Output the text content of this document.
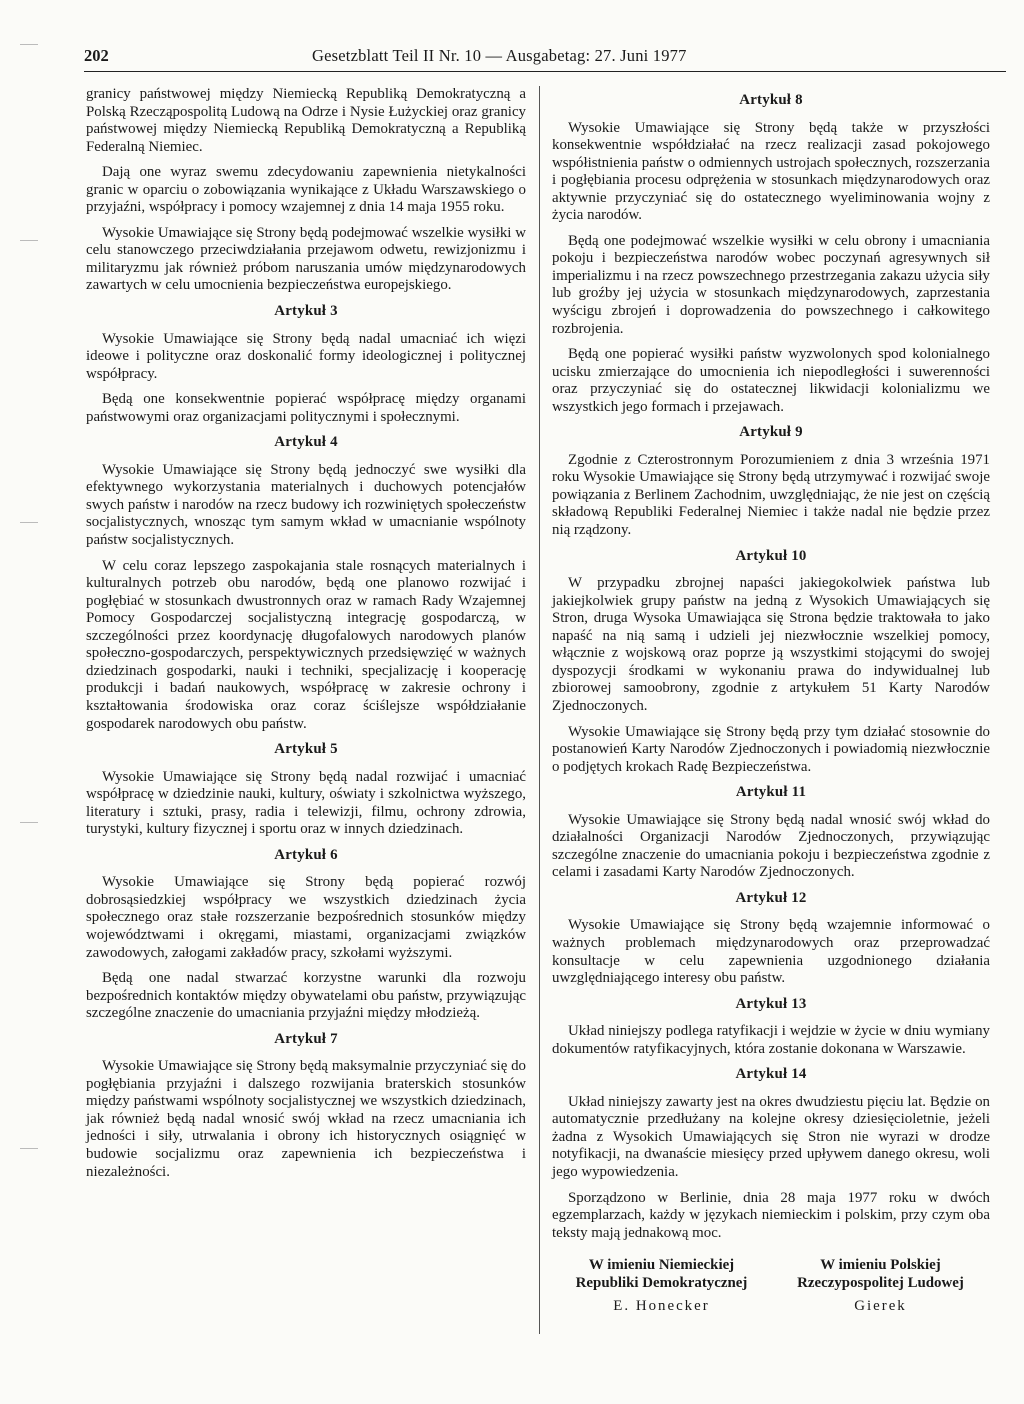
202	Gesetzblatt Teil II Nr. 10 — Ausgabetag: 27. Juni 1977

granicy państwowej między Niemiecką Republiką Demokratyczną a Polską Rzecząpospolitą Ludową na Odrze i Nysie Łużyckiej oraz granicy państwowej między Niemiecką Republiką Demokratyczną a Republiką Federalną Niemiec.

Dają one wyraz swemu zdecydowaniu zapewnienia nietykalności granic w oparciu o zobowiązania wynikające z Układu Warszawskiego o przyjaźni, współpracy i pomocy wzajemnej z dnia 14 maja 1955 roku.

Wysokie Umawiające się Strony będą podejmować wszelkie wysiłki w celu stanowczego przeciwdziałania przejawom odwetu, rewizjonizmu i militaryzmu jak również próbom naruszania umów międzynarodowych zawartych w celu umocnienia bezpieczeństwa europejskiego.

Artykuł 3

Wysokie Umawiające się Strony będą nadal umacniać ich więzi ideowe i polityczne oraz doskonalić formy ideologicznej i politycznej współpracy.

Będą one konsekwentnie popierać współpracę między organami państwowymi oraz organizacjami politycznymi i społecznymi.

Artykuł 4

Wysokie Umawiające się Strony będą jednoczyć swe wysiłki dla efektywnego wykorzystania materialnych i duchowych potencjałów swych państw i narodów na rzecz budowy ich rozwiniętych społeczeństw socjalistycznych, wnosząc tym samym wkład w umacnianie wspólnoty państw socjalistycznych.

W celu coraz lepszego zaspokajania stale rosnących materialnych i kulturalnych potrzeb obu narodów, będą one planowo rozwijać i pogłębiać w stosunkach dwustronnych oraz w ramach Rady Wzajemnej Pomocy Gospodarczej socjalistyczną integrację gospodarczą, w szczególności przez koordynację długofalowych narodowych planów społeczno-gospodarczych, perspektywicznych przedsięwzięć w ważnych dziedzinach gospodarki, nauki i techniki, specjalizację i kooperację produkcji i badań naukowych, współpracę w zakresie ochrony i kształtowania środowiska oraz coraz ściślejsze współdziałanie gospodarek narodowych obu państw.

Artykuł 5

Wysokie Umawiające się Strony będą nadal rozwijać i umacniać współpracę w dziedzinie nauki, kultury, oświaty i szkolnictwa wyższego, literatury i sztuki, prasy, radia i telewizji, filmu, ochrony zdrowia, turystyki, kultury fizycznej i sportu oraz w innych dziedzinach.

Artykuł 6

Wysokie Umawiające się Strony będą popierać rozwój dobrosąsiedzkiej współpracy we wszystkich dziedzinach życia społecznego oraz stałe rozszerzanie bezpośrednich stosunków między województwami i okręgami, miastami, organizacjami związków zawodowych, załogami zakładów pracy, szkołami wyższymi.

Będą one nadal stwarzać korzystne warunki dla rozwoju bezpośrednich kontaktów między obywatelami obu państw, przywiązując szczególne znaczenie do umacniania przyjaźni między młodzieżą.

Artykuł 7

Wysokie Umawiające się Strony będą maksymalnie przyczyniać się do pogłębiania przyjaźni i dalszego rozwijania braterskich stosunków między państwami wspólnoty socjalistycznej we wszystkich dziedzinach, jak również będą nadal wnosić swój wkład na rzecz umacniania ich jedności i siły, utrwalania i obrony ich historycznych osiągnięć w budowie socjalizmu oraz zapewnienia ich bezpieczeństwa i niezależności.

Artykuł 8

Wysokie Umawiające się Strony będą także w przyszłości konsekwentnie współdziałać na rzecz realizacji zasad pokojowego współistnienia państw o odmiennych ustrojach społecznych, rozszerzania i pogłębiania procesu odprężenia w stosunkach międzynarodowych oraz aktywnie przyczyniać się do ostatecznego wyeliminowania wojny z życia narodów.

Będą one podejmować wszelkie wysiłki w celu obrony i umacniania pokoju i bezpieczeństwa narodów wobec poczynań agresywnych sił imperializmu i na rzecz powszechnego przestrzegania zakazu użycia siły lub groźby jej użycia w stosunkach międzynarodowych, zaprzestania wyścigu zbrojeń i doprowadzenia do powszechnego i całkowitego rozbrojenia.

Będą one popierać wysiłki państw wyzwolonych spod kolonialnego ucisku zmierzające do umocnienia ich niepodległości i suwerenności oraz przyczyniać się do ostatecznej likwidacji kolonializmu we wszystkich jego formach i przejawach.

Artykuł 9

Zgodnie z Czterostronnym Porozumieniem z dnia 3 września 1971 roku Wysokie Umawiające się Strony będą utrzymywać i rozwijać swoje powiązania z Berlinem Zachodnim, uwzględniając, że nie jest on częścią składową Republiki Federalnej Niemiec i także nadal nie będzie przez nią rządzony.

Artykuł 10

W przypadku zbrojnej napaści jakiegokolwiek państwa lub jakiejkolwiek grupy państw na jedną z Wysokich Umawiających się Stron, druga Wysoka Umawiająca się Strona będzie traktowała to jako napaść na nią samą i udzieli jej niezwłocznie wszelkiej pomocy, włącznie z wojskową oraz poprze ją wszystkimi stojącymi do swojej dyspozycji środkami w wykonaniu prawa do indywidualnej lub zbiorowej samoobrony, zgodnie z artykułem 51 Karty Narodów Zjednoczonych.

Wysokie Umawiające się Strony będą przy tym działać stosownie do postanowień Karty Narodów Zjednoczonych i powiadomią niezwłocznie o podjętych krokach Radę Bezpieczeństwa.

Artykuł 11

Wysokie Umawiające się Strony będą nadal wnosić swój wkład do działalności Organizacji Narodów Zjednoczonych, przywiązując szczególne znaczenie do umacniania pokoju i bezpieczeństwa zgodnie z celami i zasadami Karty Narodów Zjednoczonych.

Artykuł 12

Wysokie Umawiające się Strony będą wzajemnie informować o ważnych problemach międzynarodowych oraz przeprowadzać konsultacje w celu zapewnienia uzgodnionego działania uwzględniającego interesy obu państw.

Artykuł 13

Układ niniejszy podlega ratyfikacji i wejdzie w życie w dniu wymiany dokumentów ratyfikacyjnych, która zostanie dokonana w Warszawie.

Artykuł 14

Układ niniejszy zawarty jest na okres dwudziestu pięciu lat. Będzie on automatycznie przedłużany na kolejne okresy dziesięcioletnie, jeżeli żadna z Wysokich Umawiających się Stron nie wyrazi w drodze notyfikacji, na dwanaście miesięcy przed upływem danego okresu, woli jego wypowiedzenia.

Sporządzono w Berlinie, dnia 28 maja 1977 roku w dwóch egzemplarzach, każdy w językach niemieckim i polskim, przy czym oba teksty mają jednakową moc.

W imieniu Niemieckiej
Republiki Demokratycznej
E. Honecker
W imieniu Polskiej
Rzeczypospolitej Ludowej
Gierek
